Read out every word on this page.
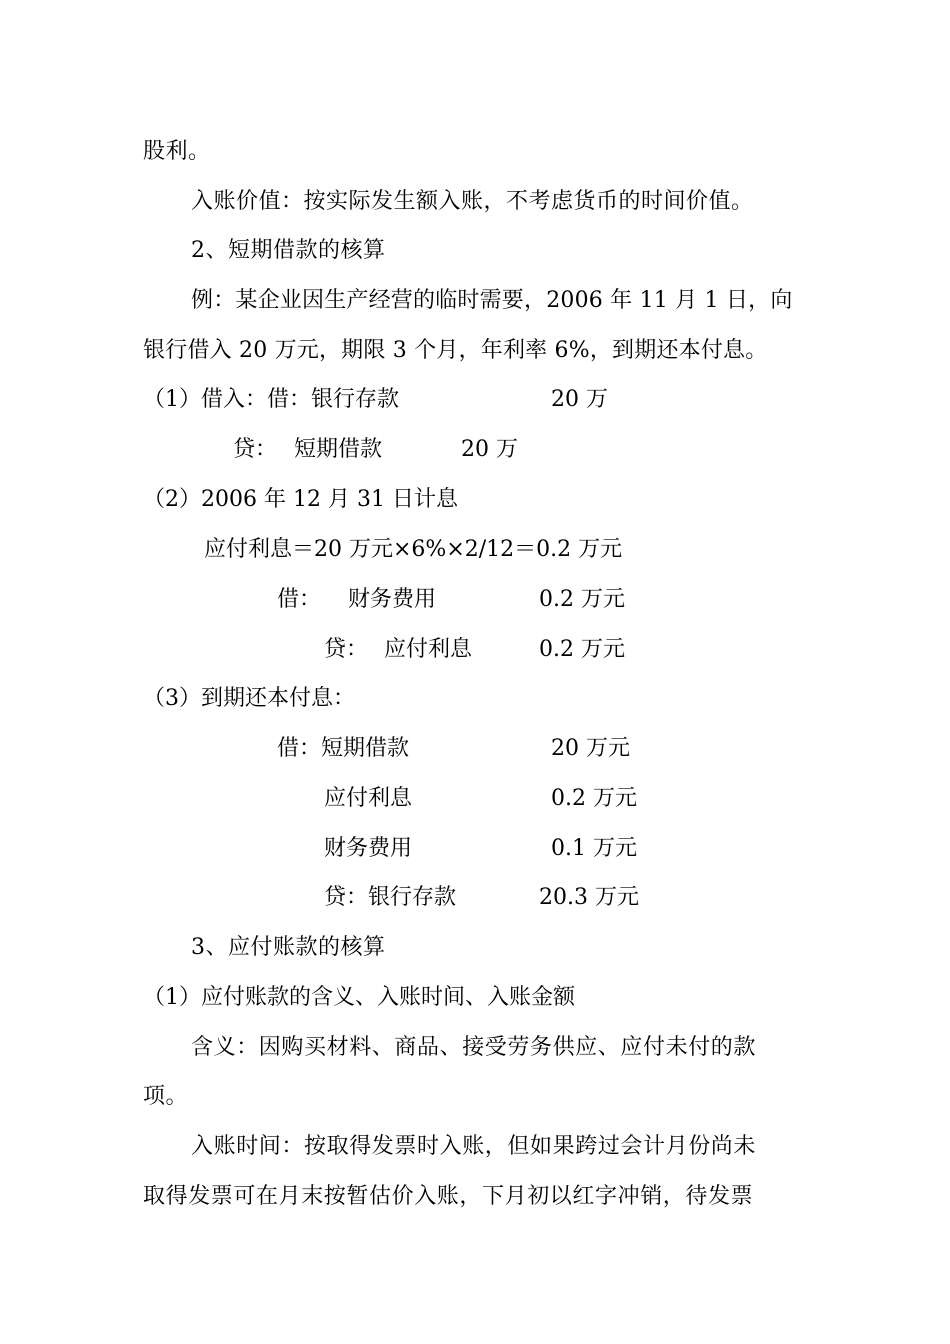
股利。
入账价值：按实际发生额入账，不考虑货币的时间价值。
2、短期借款的核算
例：某企业因生产经营的临时需要，2006 年 11 月 1 日，向
银行借入 20 万元，期限 3 个月，年利率 6%，到期还本付息。
（1）借入：借：银行存款	20 万
贷： 短期借款	20 万
（2）2006 年 12 月 31 日计息
应付利息＝20 万元×6%×2/12＝0.2 万元
借： 财务费用	0.2 万元
贷： 应付利息	0.2 万元
（3）到期还本付息：
借：短期借款	20 万元
应付利息	0.2 万元
财务费用	0.1 万元
贷：银行存款	20.3 万元
3、应付账款的核算
（1）应付账款的含义、入账时间、入账金额
含义：因购买材料、商品、接受劳务供应、应付未付的款
项。
入账时间：按取得发票时入账，但如果跨过会计月份尚未
取得发票可在月末按暂估价入账，下月初以红字冲销，待发票
